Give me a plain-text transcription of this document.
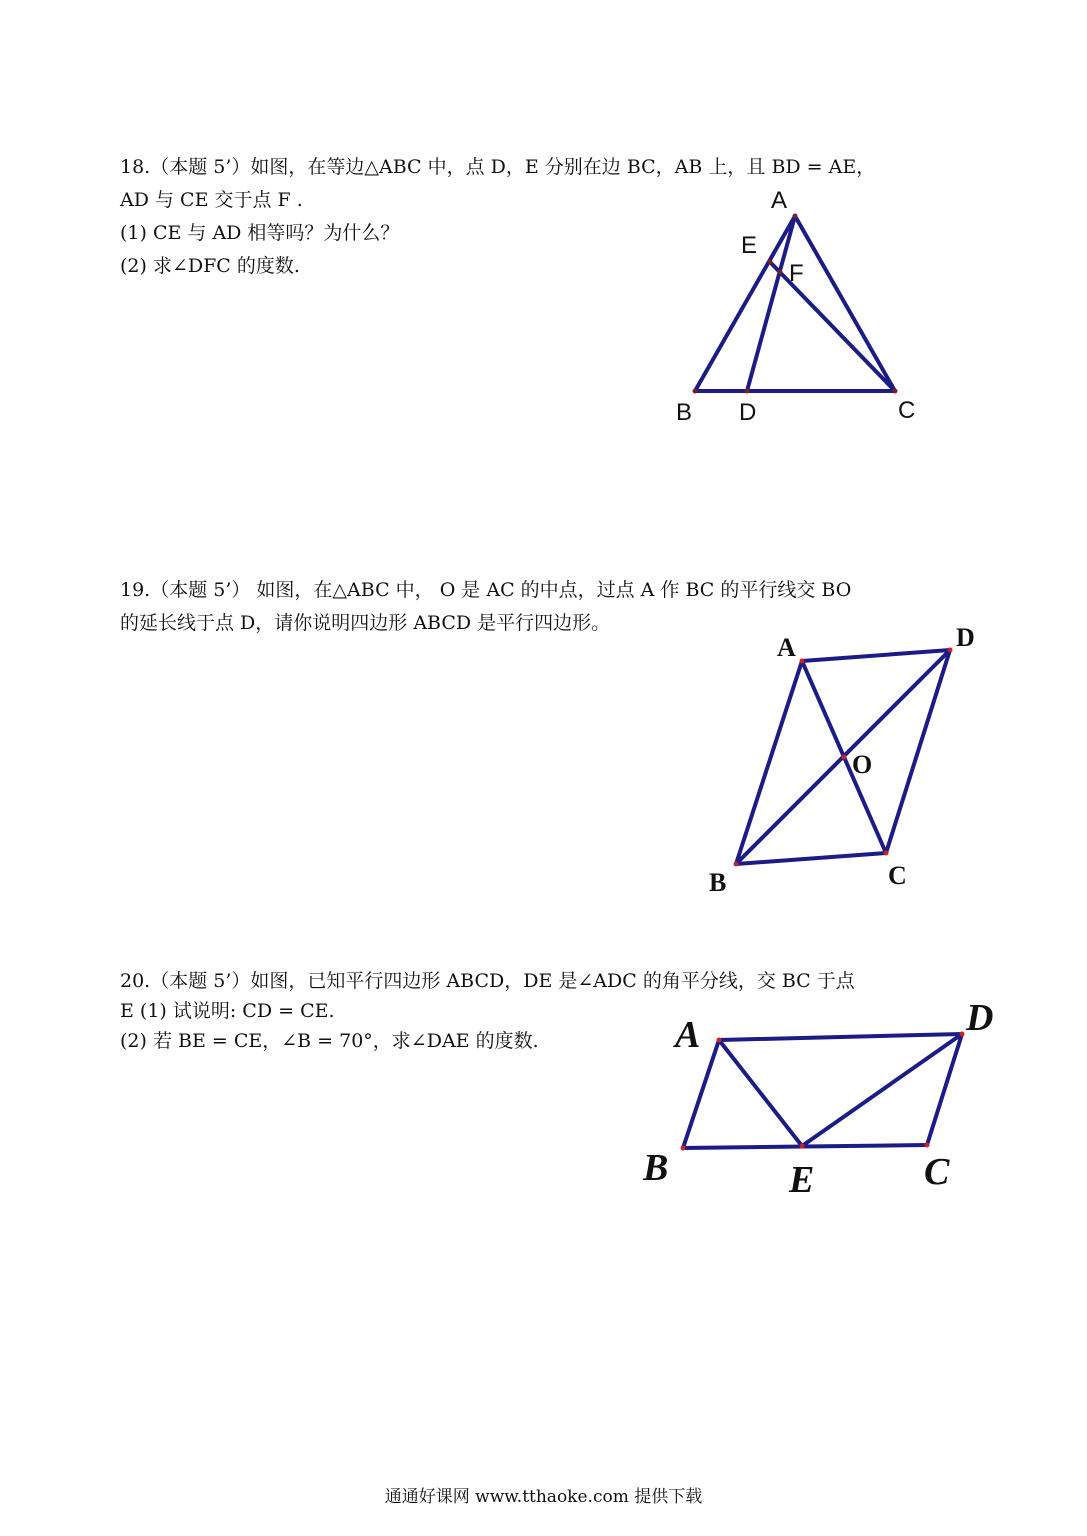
18.（本题 5’）如图，在等边△ABC 中，点 D，E 分别在边 BC，AB 上，且 BD = AE，
AD 与 CE 交于点 F .
(1) CE 与 AD 相等吗？为什么？
(2) 求∠DFC 的度数.
A
E
F
B D	C
19.（本题 5’） 如图，在△ABC 中， O 是 AC 的中点，过点 A 作 BC 的平行线交 BO
的延长线于点 D，请你说明四边形 ABCD 是平行四边形。
A	D
O
B	C
20.（本题 5’）如图，已知平行四边形 ABCD，DE 是∠ADC 的角平分线，交 BC 于点
E (1) 试说明: CD = CE.
(2) 若 BE = CE，∠B = 70°，求∠DAE 的度数.	A	D
B	E	C
通通好课网 www.tthaoke.com 提供下载
